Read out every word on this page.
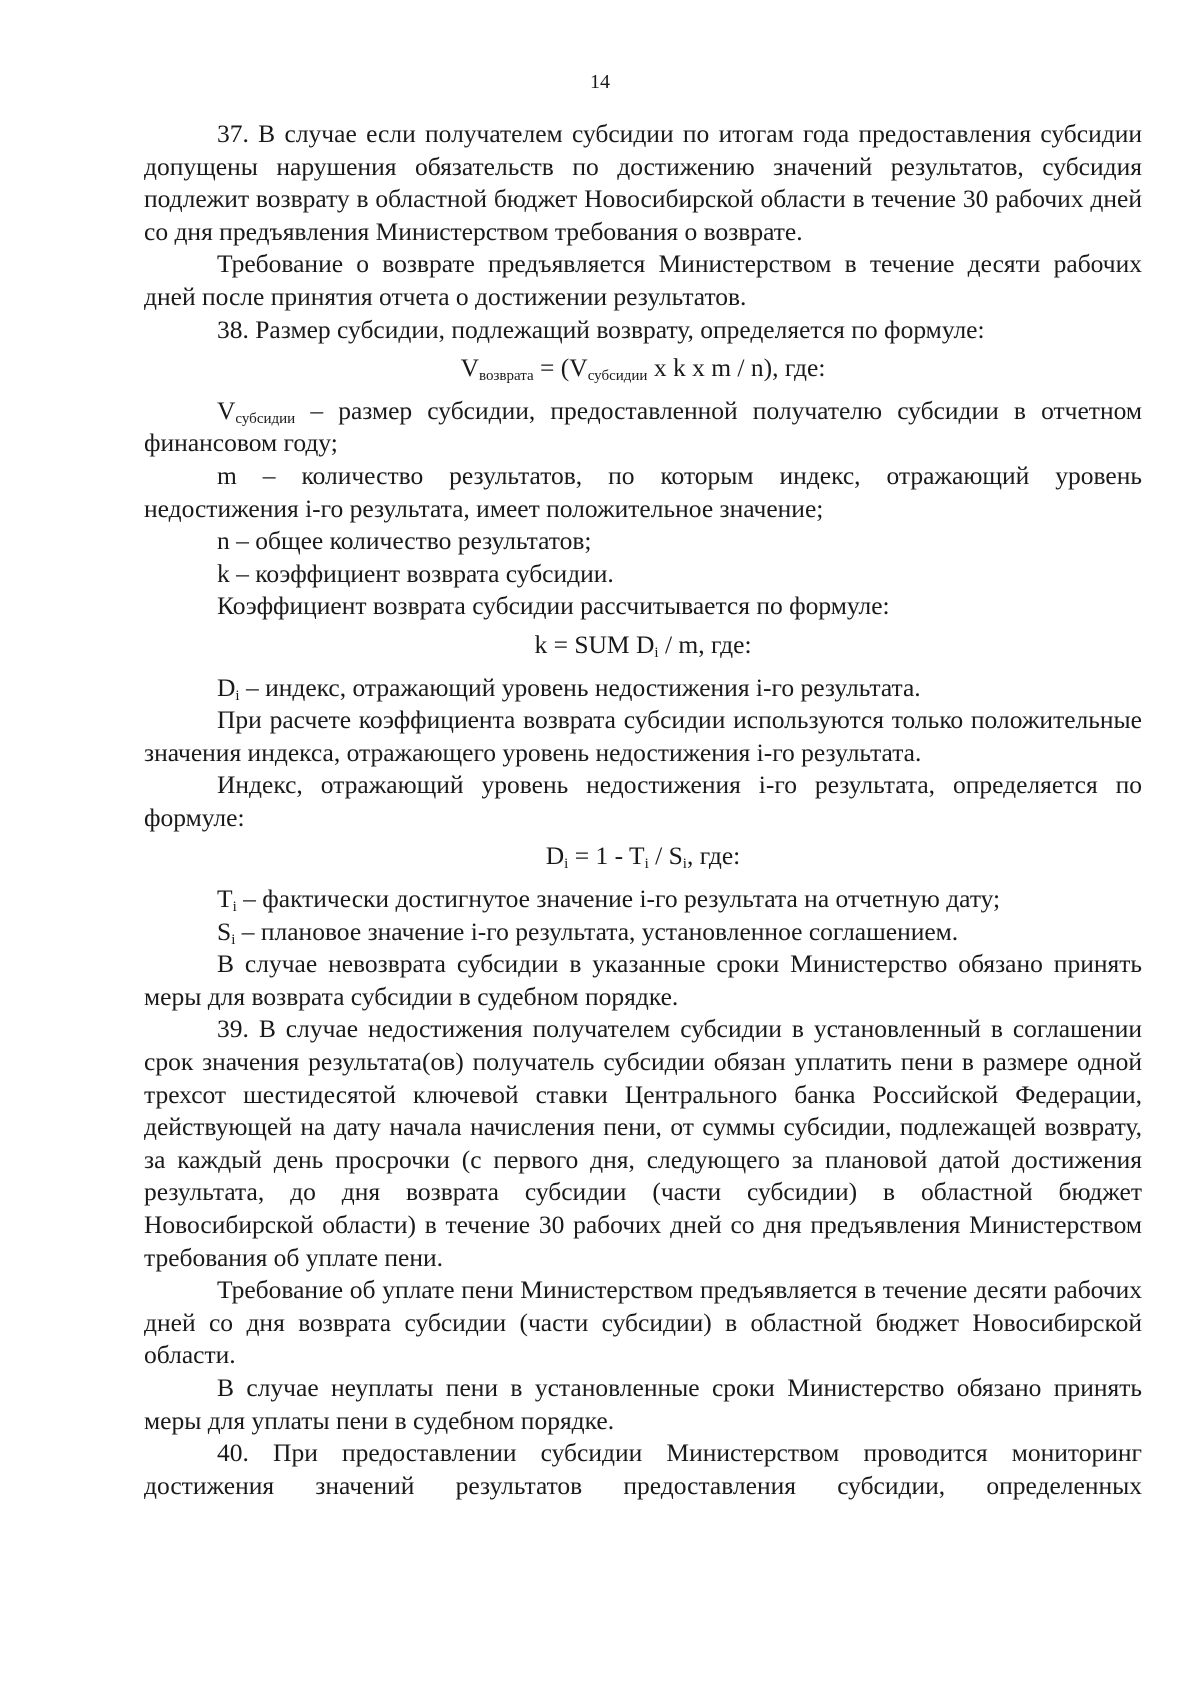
14

37. В случае если получателем субсидии по итогам года предоставления субсидии допущены нарушения обязательств по достижению значений результатов, субсидия подлежит возврату в областной бюджет Новосибирской области в течение 30 рабочих дней со дня предъявления Министерством требования о возврате.

Требование о возврате предъявляется Министерством в течение десяти рабочих дней после принятия отчета о достижении результатов.

38. Размер субсидии, подлежащий возврату, определяется по формуле:

$V_{возврата} = (V_{субсидии}$ x k x m / n), где:

$V_{субсидии}$ – размер субсидии, предоставленной получателю субсидии в отчетном финансовом году;

m – количество результатов, по которым индекс, отражающий уровень недостижения i-го результата, имеет положительное значение;

n – общее количество результатов;

k – коэффициент возврата субсидии.

Коэффициент возврата субсидии рассчитывается по формуле:

k = SUM $D_i$ / m, где:

$D_i$ – индекс, отражающий уровень недостижения i-го результата.

При расчете коэффициента возврата субсидии используются только положительные значения индекса, отражающего уровень недостижения i-го результата.

Индекс, отражающий уровень недостижения i-го результата, определяется по формуле:

$D_i = 1 - T_i / S_i$, где:

$T_i$ – фактически достигнутое значение i-го результата на отчетную дату;

$S_i$ – плановое значение i-го результата, установленное соглашением.

В случае невозврата субсидии в указанные сроки Министерство обязано принять меры для возврата субсидии в судебном порядке.

39. В случае недостижения получателем субсидии в установленный в соглашении срок значения результата(ов) получатель субсидии обязан уплатить пени в размере одной трехсот шестидесятой ключевой ставки Центрального банка Российской Федерации, действующей на дату начала начисления пени, от суммы субсидии, подлежащей возврату, за каждый день просрочки (с первого дня, следующего за плановой датой достижения результата, до дня возврата субсидии (части субсидии) в областной бюджет Новосибирской области) в течение 30 рабочих дней со дня предъявления Министерством требования об уплате пени.

Требование об уплате пени Министерством предъявляется в течение десяти рабочих дней со дня возврата субсидии (части субсидии) в областной бюджет Новосибирской области.

В случае неуплаты пени в установленные сроки Министерство обязано принять меры для уплаты пени в судебном порядке.

40. При предоставлении субсидии Министерством проводится мониторинг достижения значений результатов предоставления субсидии, определенных
